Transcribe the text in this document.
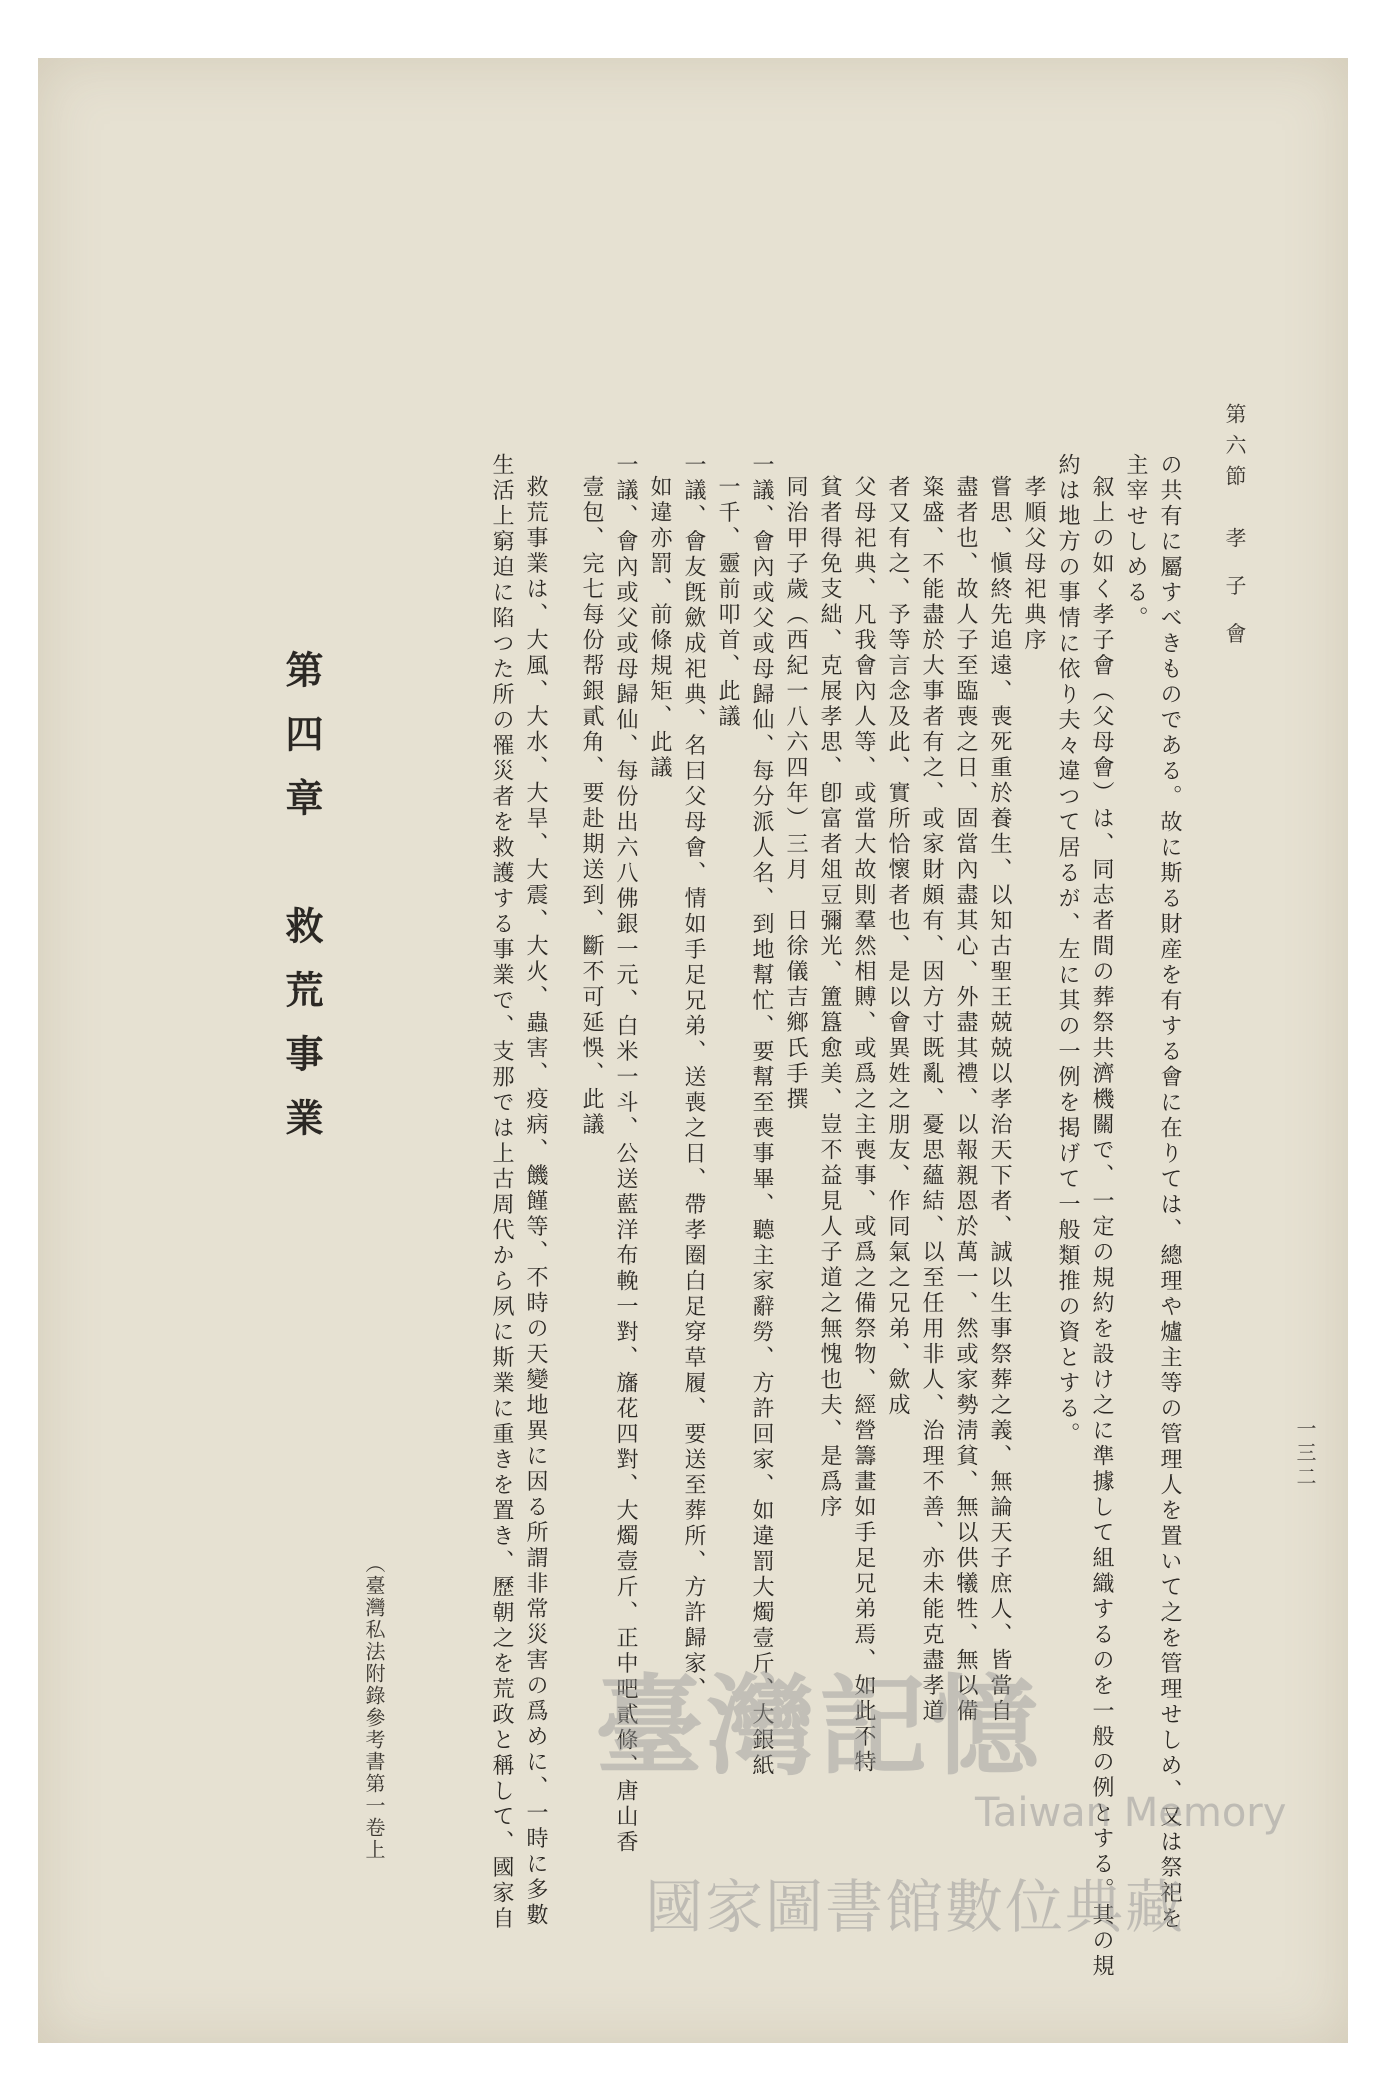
第六節　孝 子 會
一三二
の共有に屬すべきものである。故に斯る財産を有する會に在りては、總理や爐主等の管理人を置いて之を管理せしめ、又は祭祀を
主宰せしめる。
叙上の如く孝子會（父母會）は、同志者間の葬祭共濟機關で、一定の規約を設け之に準據して組織するのを一般の例とする。其の規
約は地方の事情に依り夫々違つて居るが、左に其の一例を掲げて一般類推の資とする。
孝順父母祀典序
嘗思、愼終先追遠、喪死重於養生、以知古聖王兢兢以孝治天下者、誠以生事祭葬之義、無論天子庶人、皆當自
盡者也、故人子至臨喪之日、固當內盡其心、外盡其禮、以報親恩於萬一、然或家勢淸貧、無以供犧牲、無以備
粢盛、不能盡於大事者有之、或家財頗有、因方寸既亂、憂思蘊結、以至任用非人、治理不善、亦未能克盡孝道
者又有之、予等言念及此、實所恰懷者也、是以會異姓之朋友、作同氣之兄弟、歛成
父母祀典、凡我會內人等、或當大故則羣然相賻、或爲之主喪事、或爲之備祭物、經營籌畫如手足兄弟焉、如此不特
貧者得免支絀、克展孝思、卽富者俎豆彌光、簠簋愈美、豈不益見人子道之無愧也夫、是爲序
同治甲子歲（西紀一八六四年）三月　日徐儀吉鄉氏手撰
一議、會內或父或母歸仙、每分派人名、到地幫忙、要幫至喪事畢、聽主家辭勞、方許回家、如違罰大燭壹斤、大銀紙
一千、靈前叩首、此議
一議、會友旣歛成祀典、名曰父母會、情如手足兄弟、送喪之日、帶孝圈白足穿草履、要送至葬所、方許歸家、
如違亦罰、前條規矩、此議
一議、會內或父或母歸仙、每份出六八佛銀一元、白米一斗、公送藍洋布輓一對、旛花四對、大燭壹斤、正中吧貳條、唐山香
壹包、完七每份帮銀貳角、要赴期送到、斷不可延悞、此議
救荒事業は、大風、大水、大旱、大震、大火、蟲害、疫病、饑饉等、不時の天變地異に因る所謂非常災害の爲めに、一時に多數
生活上窮迫に陷つた所の罹災者を救護する事業で、支那では上古周代から夙に斯業に重きを置き、歷朝之を荒政と稱して、國家自
第四章　救荒事業
（臺灣私法附錄參考書第一卷上 臺灣記憶
Taiwan Memory
國家圖書館數位典藏
